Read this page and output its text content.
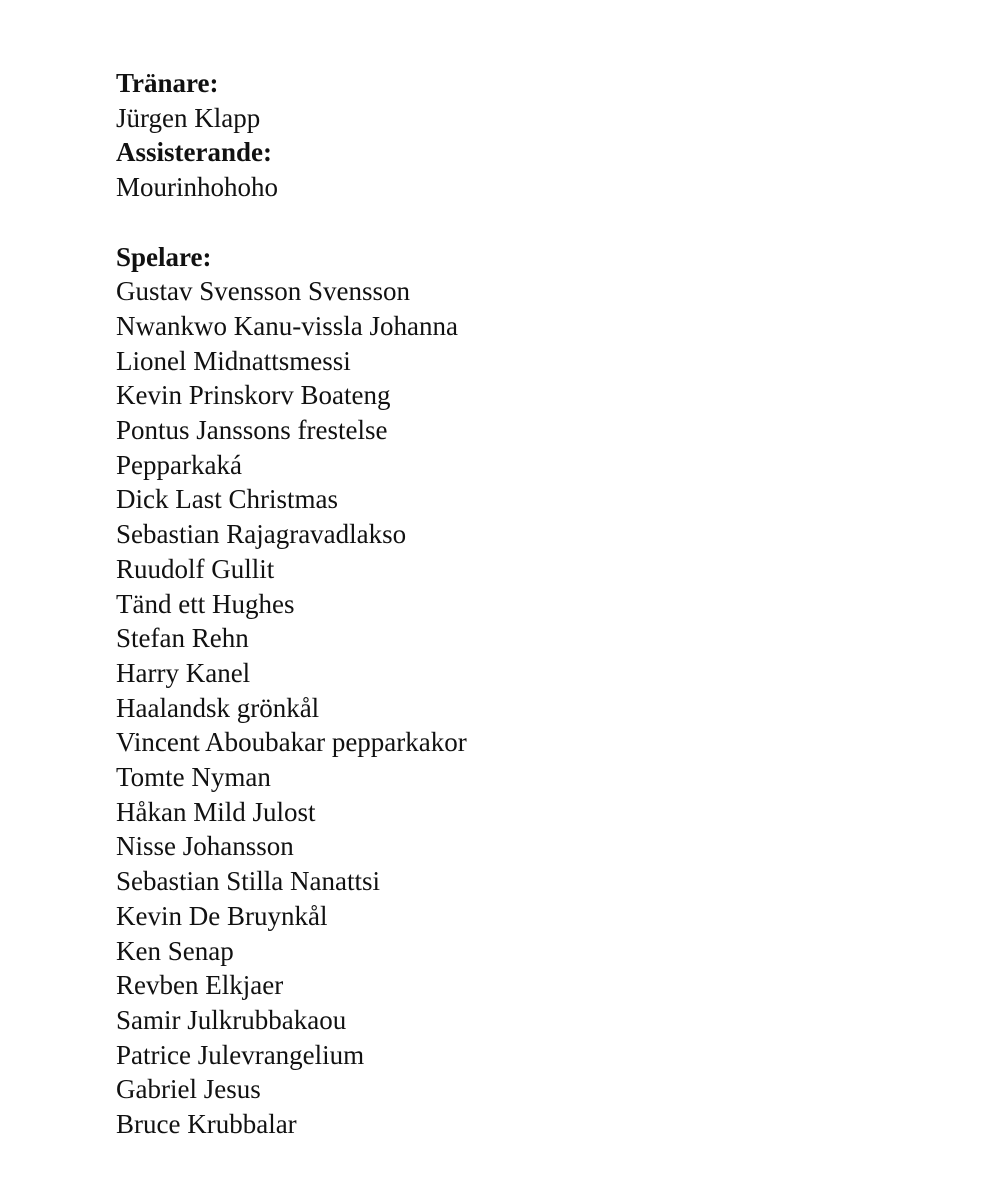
Tränare:
Jürgen Klapp
Assisterande:
Mourinhohoho
Spelare:
Gustav Svensson Svensson
Nwankwo Kanu-vissla Johanna
Lionel Midnattsmessi
Kevin Prinskorv Boateng
Pontus Janssons frestelse
Pepparkaká
Dick Last Christmas
Sebastian Rajagravadlakso
Ruudolf Gullit
Tänd ett Hughes
Stefan Rehn
Harry Kanel
Haalandsk grönkål
Vincent Aboubakar pepparkakor
Tomte Nyman
Håkan Mild Julost
Nisse Johansson
Sebastian Stilla Nanattsi
Kevin De Bruynkål
Ken Senap
Revben Elkjaer
Samir Julkrubbakaou
Patrice Julevrangelium
Gabriel Jesus
Bruce Krubbalar
